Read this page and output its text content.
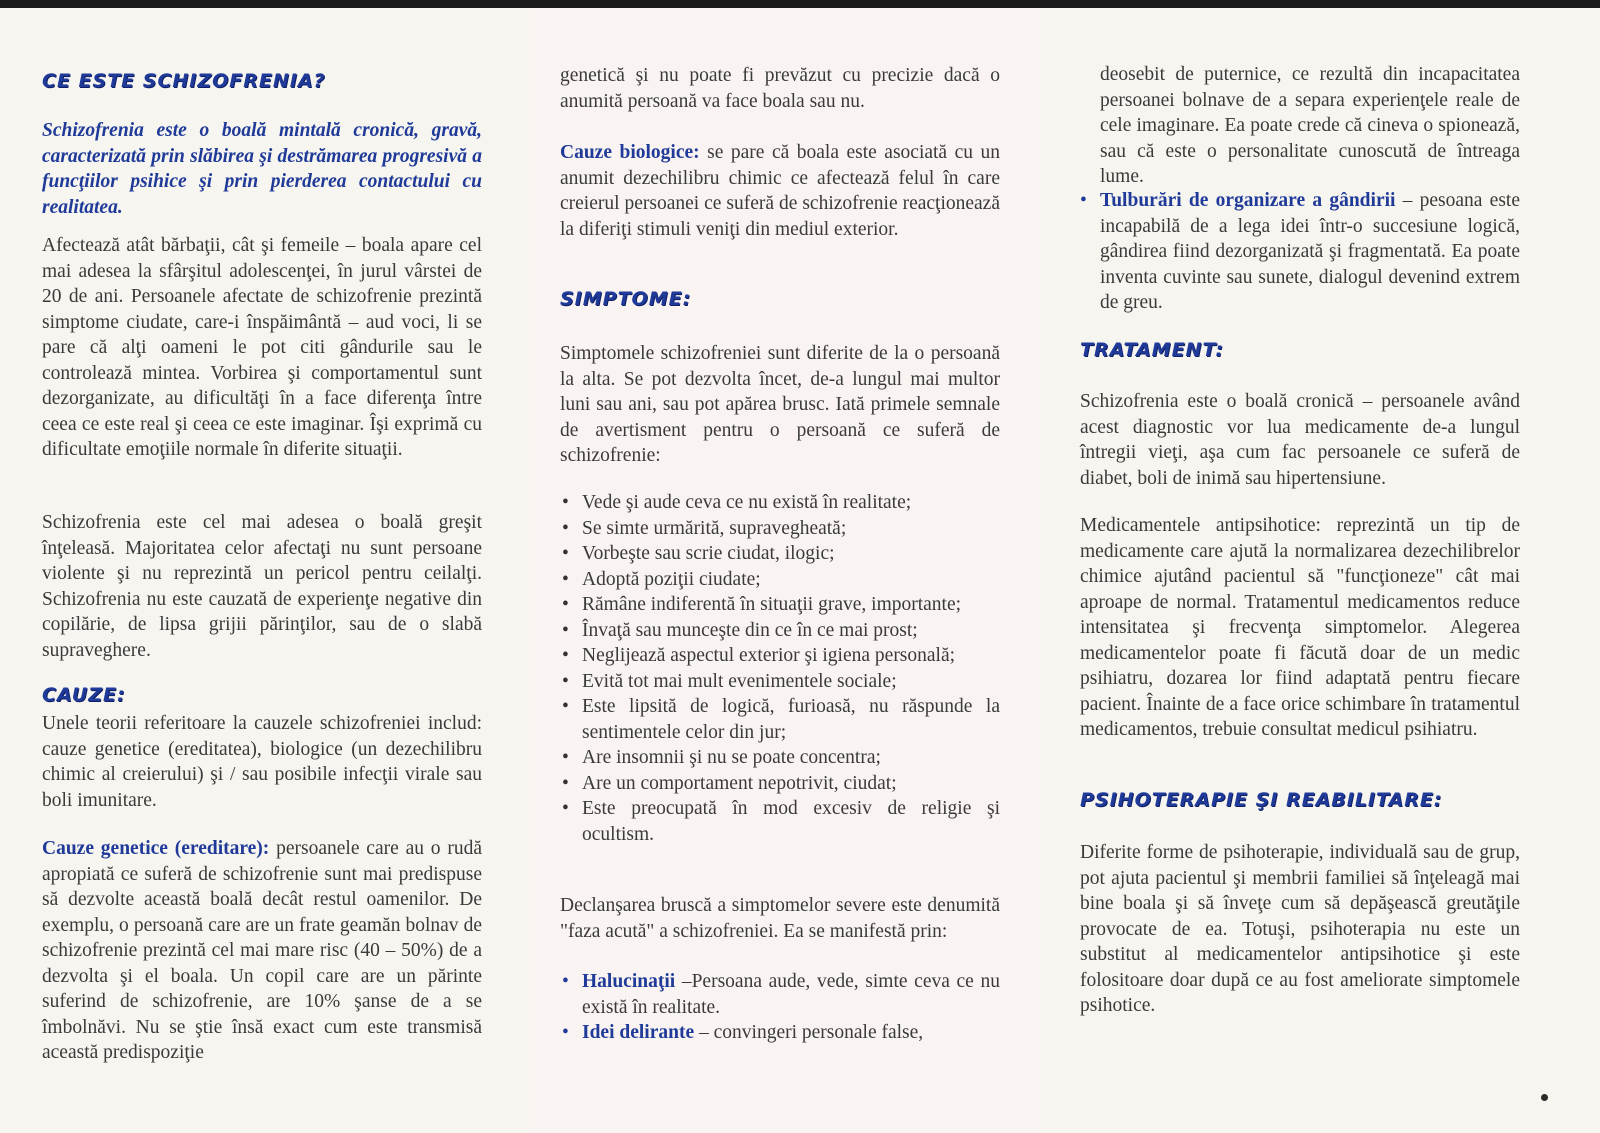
CE ESTE SCHIZOFRENIA?

Schizofrenia este o boală mintală cronică, gravă, caracterizată prin slăbirea şi destrămarea progresivă a funcţiilor psihice şi prin pierderea contactului cu realitatea.

Afectează atât bărbaţii, cât şi femeile – boala apare cel mai adesea la sfârşitul adolescenţei, în jurul vârstei de 20 de ani. Persoanele afectate de schizofrenie prezintă simptome ciudate, care-i înspăimântă – aud voci, li se pare că alţi oameni le pot citi gândurile sau le controlează mintea. Vorbirea şi comportamentul sunt dezorganizate, au dificultăţi în a face diferenţa între ceea ce este real şi ceea ce este imaginar. Îşi exprimă cu dificultate emoţiile normale în diferite situaţii.

Schizofrenia este cel mai adesea o boală greşit înţeleasă. Majoritatea celor afectaţi nu sunt persoane violente şi nu reprezintă un pericol pentru ceilalţi. Schizofrenia nu este cauzată de experienţe negative din copilărie, de lipsa grijii părinţilor, sau de o slabă supraveghere.

CAUZE:

Unele teorii referitoare la cauzele schizofreniei includ: cauze genetice (ereditatea), biologice (un dezechilibru chimic al creierului) şi / sau posibile infecţii virale sau boli imunitare.

Cauze genetice (ereditare): persoanele care au o rudă apropiată ce suferă de schizofrenie sunt mai predispuse să dezvolte această boală decât restul oamenilor. De exemplu, o persoană care are un frate geamăn bolnav de schizofrenie prezintă cel mai mare risc (40 – 50%) de a dezvolta şi el boala. Un copil care are un părinte suferind de schizofrenie, are 10% şanse de a se îmbolnăvi. Nu se ştie însă exact cum este transmisă această predispoziţie

genetică şi nu poate fi prevăzut cu precizie dacă o anumită persoană va face boala sau nu.

Cauze biologice: se pare că boala este asociată cu un anumit dezechilibru chimic ce afectează felul în care creierul persoanei ce suferă de schizofrenie reacţionează la diferiţi stimuli veniţi din mediul exterior.

SIMPTOME:

Simptomele schizofreniei sunt diferite de la o persoană la alta. Se pot dezvolta încet, de-a lungul mai multor luni sau ani, sau pot apărea brusc. Iată primele semnale de avertisment pentru o persoană ce suferă de schizofrenie:

• Vede şi aude ceva ce nu există în realitate;
• Se simte urmărită, supravegheată;
• Vorbeşte sau scrie ciudat, ilogic;
• Adoptă poziţii ciudate;
• Rămâne indiferentă în situaţii grave, importante;
• Învaţă sau munceşte din ce în ce mai prost;
• Neglijează aspectul exterior şi igiena personală;
• Evită tot mai mult evenimentele sociale;
• Este lipsită de logică, furioasă, nu răspunde la sentimentele celor din jur;
• Are insomnii şi nu se poate concentra;
• Are un comportament nepotrivit, ciudat;
• Este preocupată în mod excesiv de religie şi ocultism.

Declanşarea bruscă a simptomelor severe este denumită "faza acută" a schizofreniei. Ea se manifestă prin:

• Halucinaţii –Persoana aude, vede, simte ceva ce nu există în realitate.
• Idei delirante – convingeri personale false,

deosebit de puternice, ce rezultă din incapacitatea persoanei bolnave de a separa experienţele reale de cele imaginare. Ea poate crede că cineva o spionează, sau că este o personalitate cunoscută de întreaga lume.

• Tulburări de organizare a gândirii – pesoana este incapabilă de a lega idei într-o succesiune logică, gândirea fiind dezorganizată şi fragmentată. Ea poate inventa cuvinte sau sunete, dialogul devenind extrem de greu.
TRATAMENT:

Schizofrenia este o boală cronică – persoanele având acest diagnostic vor lua medicamente de-a lungul întregii vieţi, aşa cum fac persoanele ce suferă de diabet, boli de inimă sau hipertensiune.

Medicamentele antipsihotice: reprezintă un tip de medicamente care ajută la normalizarea dezechilibrelor chimice ajutând pacientul să "funcţioneze" cât mai aproape de normal. Tratamentul medicamentos reduce intensitatea şi frecvenţa simptomelor. Alegerea medicamentelor poate fi făcută doar de un medic psihiatru, dozarea lor fiind adaptată pentru fiecare pacient. Înainte de a face orice schimbare în tratamentul medicamentos, trebuie consultat medicul psihiatru.

PSIHOTERAPIE ŞI REABILITARE:

Diferite forme de psihoterapie, individuală sau de grup, pot ajuta pacientul şi membrii familiei să înţeleagă mai bine boala şi să înveţe cum să depăşească greutăţile provocate de ea. Totuşi, psihoterapia nu este un substitut al medicamentelor antipsihotice şi este folositoare doar după ce au fost ameliorate simptomele psihotice.
